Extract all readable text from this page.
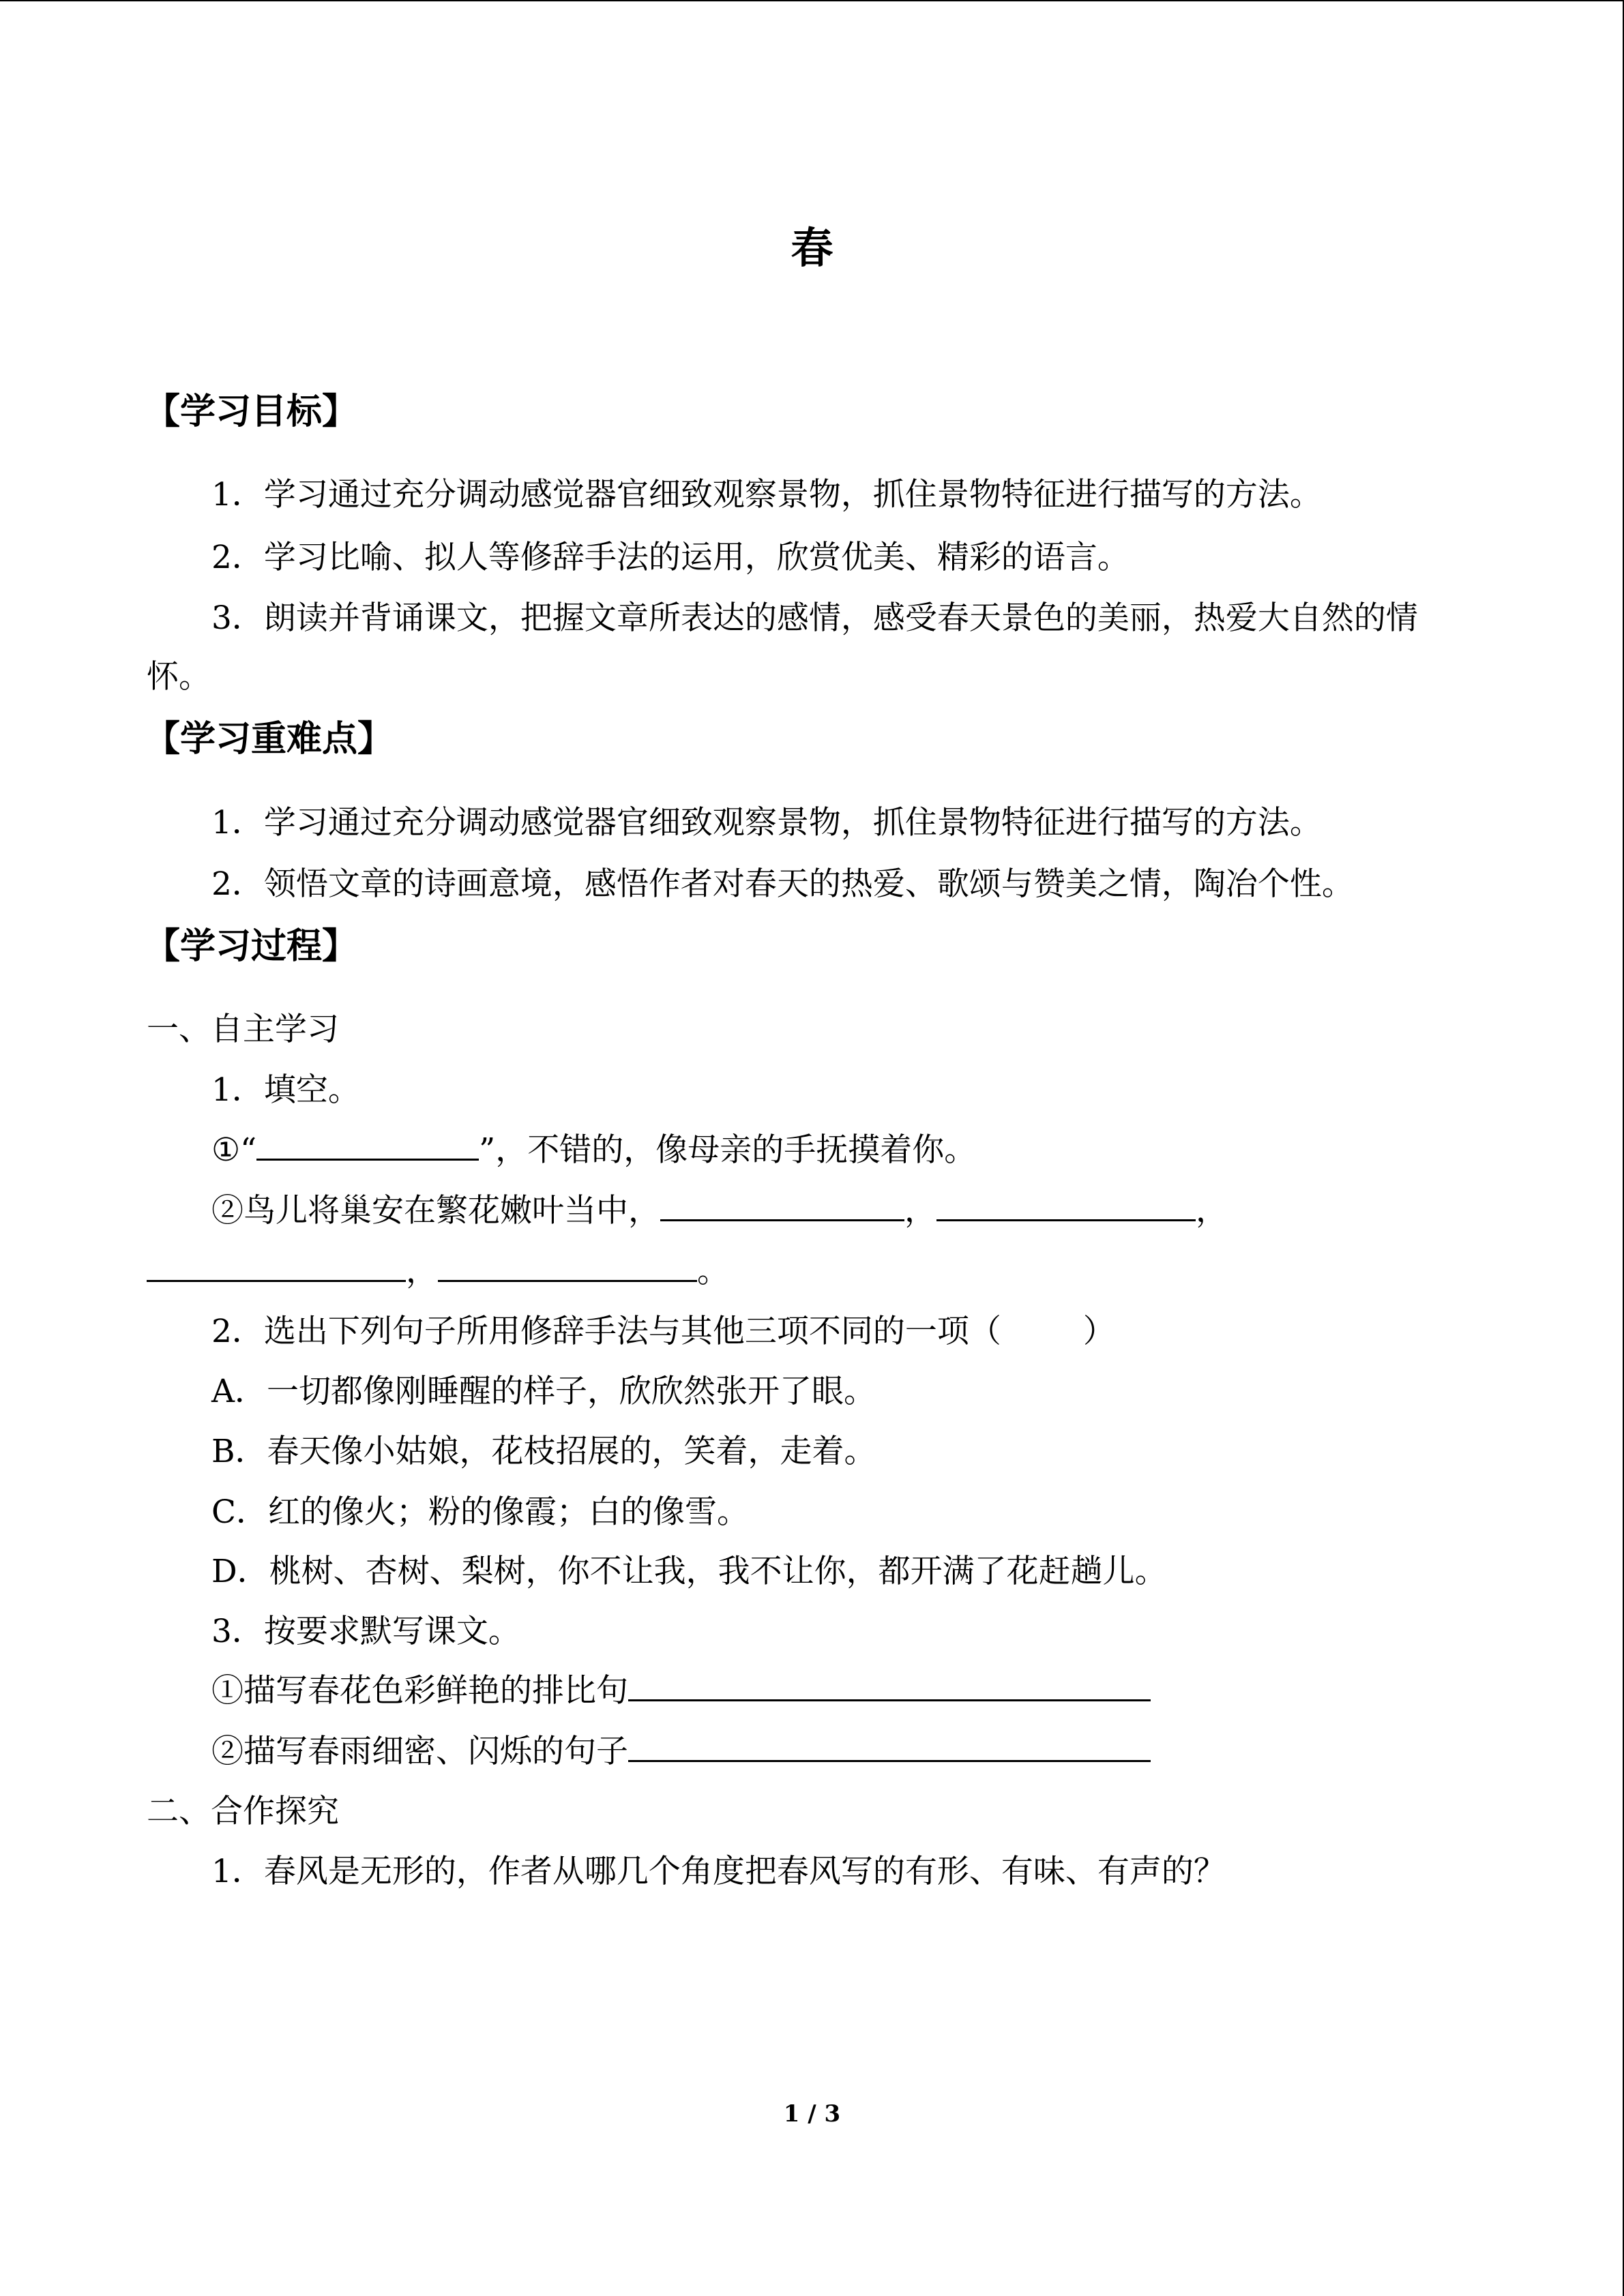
春
【学习目标】
1．学习通过充分调动感觉器官细致观察景物，抓住景物特征进行描写的方法。
2．学习比喻、拟人等修辞手法的运用，欣赏优美、精彩的语言。
3．朗读并背诵课文，把握文章所表达的感情，感受春天景色的美丽，热爱大自然的情
怀。
【学习重难点】
1．学习通过充分调动感觉器官细致观察景物，抓住景物特征进行描写的方法。
2．领悟文章的诗画意境，感悟作者对春天的热爱、歌颂与赞美之情，陶冶个性。
【学习过程】
一、自主学习
1．填空。
①“	”，不错的，像母亲的手抚摸着你。
②鸟儿将巢安在繁花嫩叶当中，	，	，
，	。
2．选出下列句子所用修辞手法与其他三项不同的一项（	）
A．一切都像刚睡醒的样子，欣欣然张开了眼。
B．春天像小姑娘，花枝招展的，笑着，走着。
C．红的像火；粉的像霞；白的像雪。
D．桃树、杏树、梨树，你不让我，我不让你，都开满了花赶趟儿。
3．按要求默写课文。
①描写春花色彩鲜艳的排比句
②描写春雨细密、闪烁的句子
二、合作探究
1．春风是无形的，作者从哪几个角度把春风写的有形、有味、有声的？
1 / 3
